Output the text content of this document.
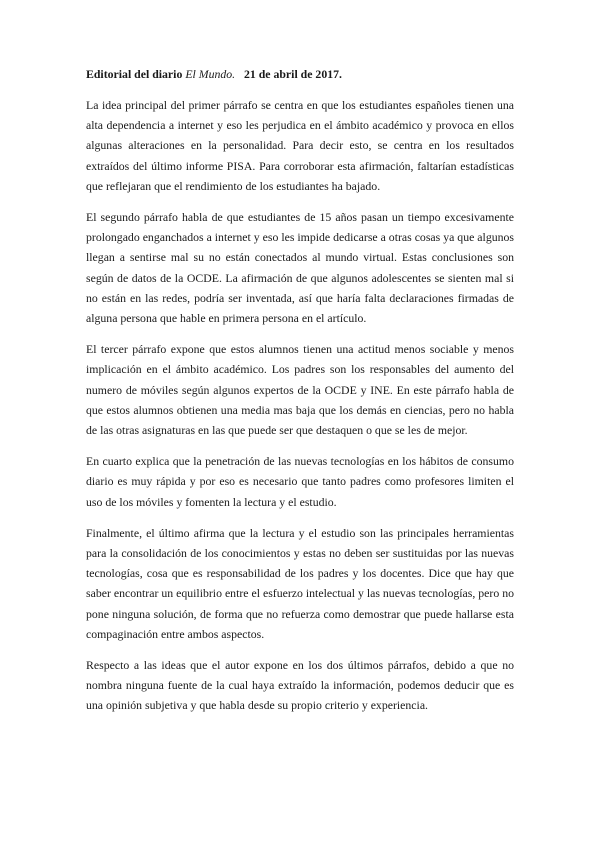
Editorial del diario El Mundo. 21 de abril de 2017.

La idea principal del primer párrafo se centra en que los estudiantes españoles tienen una alta dependencia a internet y eso les perjudica en el ámbito académico y provoca en ellos algunas alteraciones en la personalidad. Para decir esto, se centra en los resultados extraídos del último informe PISA. Para corroborar esta afirmación, faltarían estadísticas que reflejaran que el rendimiento de los estudiantes ha bajado.

El segundo párrafo habla de que estudiantes de 15 años pasan un tiempo excesivamente prolongado enganchados a internet y eso les impide dedicarse a otras cosas ya que algunos llegan a sentirse mal su no están conectados al mundo virtual. Estas conclusiones son según de datos de la OCDE. La afirmación de que algunos adolescentes se sienten mal si no están en las redes, podría ser inventada, así que haría falta declaraciones firmadas de alguna persona que hable en primera persona en el artículo.

El tercer párrafo expone que estos alumnos tienen una actitud menos sociable y menos implicación en el ámbito académico. Los padres son los responsables del aumento del numero de móviles según algunos expertos de la OCDE y INE. En este párrafo habla de que estos alumnos obtienen una media mas baja que los demás en ciencias, pero no habla de las otras asignaturas en las que puede ser que destaquen o que se les de mejor.

En cuarto explica que la penetración de las nuevas tecnologías en los hábitos de consumo diario es muy rápida y por eso es necesario que tanto padres como profesores limiten el uso de los móviles y fomenten la lectura y el estudio.

Finalmente, el último afirma que la lectura y el estudio son las principales herramientas para la consolidación de los conocimientos y estas no deben ser sustituidas por las nuevas tecnologías, cosa que es responsabilidad de los padres y los docentes. Dice que hay que saber encontrar un equilibrio entre el esfuerzo intelectual y las nuevas tecnologías, pero no pone ninguna solución, de forma que no refuerza como demostrar que puede hallarse esta compaginación entre ambos aspectos.

Respecto a las ideas que el autor expone en los dos últimos párrafos, debido a que no nombra ninguna fuente de la cual haya extraído la información, podemos deducir que es una opinión subjetiva y que habla desde su propio criterio y experiencia.
